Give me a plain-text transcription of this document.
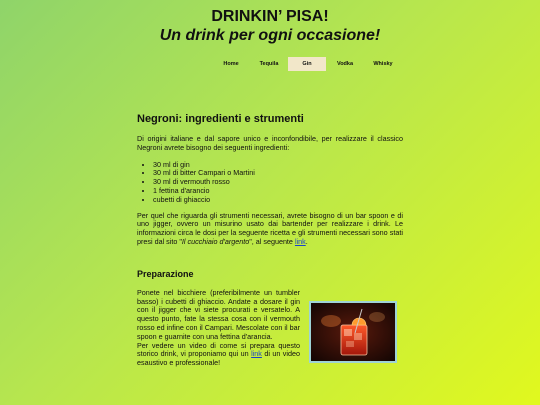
DRINKIN’ PISA!

Un drink per ogni occasione!

Home	Tequila	Gin	Vodka	Whisky
Negroni: ingredienti e strumenti

Di origini italiane e dal sapore unico e inconfondibile, per realizzare il classico Negroni avrete bisogno dei seguenti ingredienti:

• 30 ml di gin
• 30 ml di bitter Campari o Martini
• 30 ml di vermouth rosso
• 1 fettina d'arancio
• cubetti di ghiaccio

Per quel che riguarda gli strumenti necessari, avrete bisogno di un bar spoon e di uno jigger, ovvero un misurino usato dai bartender per realizzare i drink. Le informazioni circa le dosi per la seguente ricetta e gli strumenti necessari sono stati presi dal sito "Il cucchiaio d'argento", al seguente link.

Preparazione

Ponete nel bicchiere (preferibilmente un tumbler basso) i cubetti di ghiaccio. Andate a dosare il gin con il jigger che vi siete procurati e versatelo. A questo punto, fate la stessa cosa con il vermouth rosso ed infine con il Campari. Mescolate con il bar spoon e guarnite con una fettina d'arancia.
Per vedere un video di come si prepara questo storico drink, vi proponiamo qui un link di un video esaustivo e professionale!
